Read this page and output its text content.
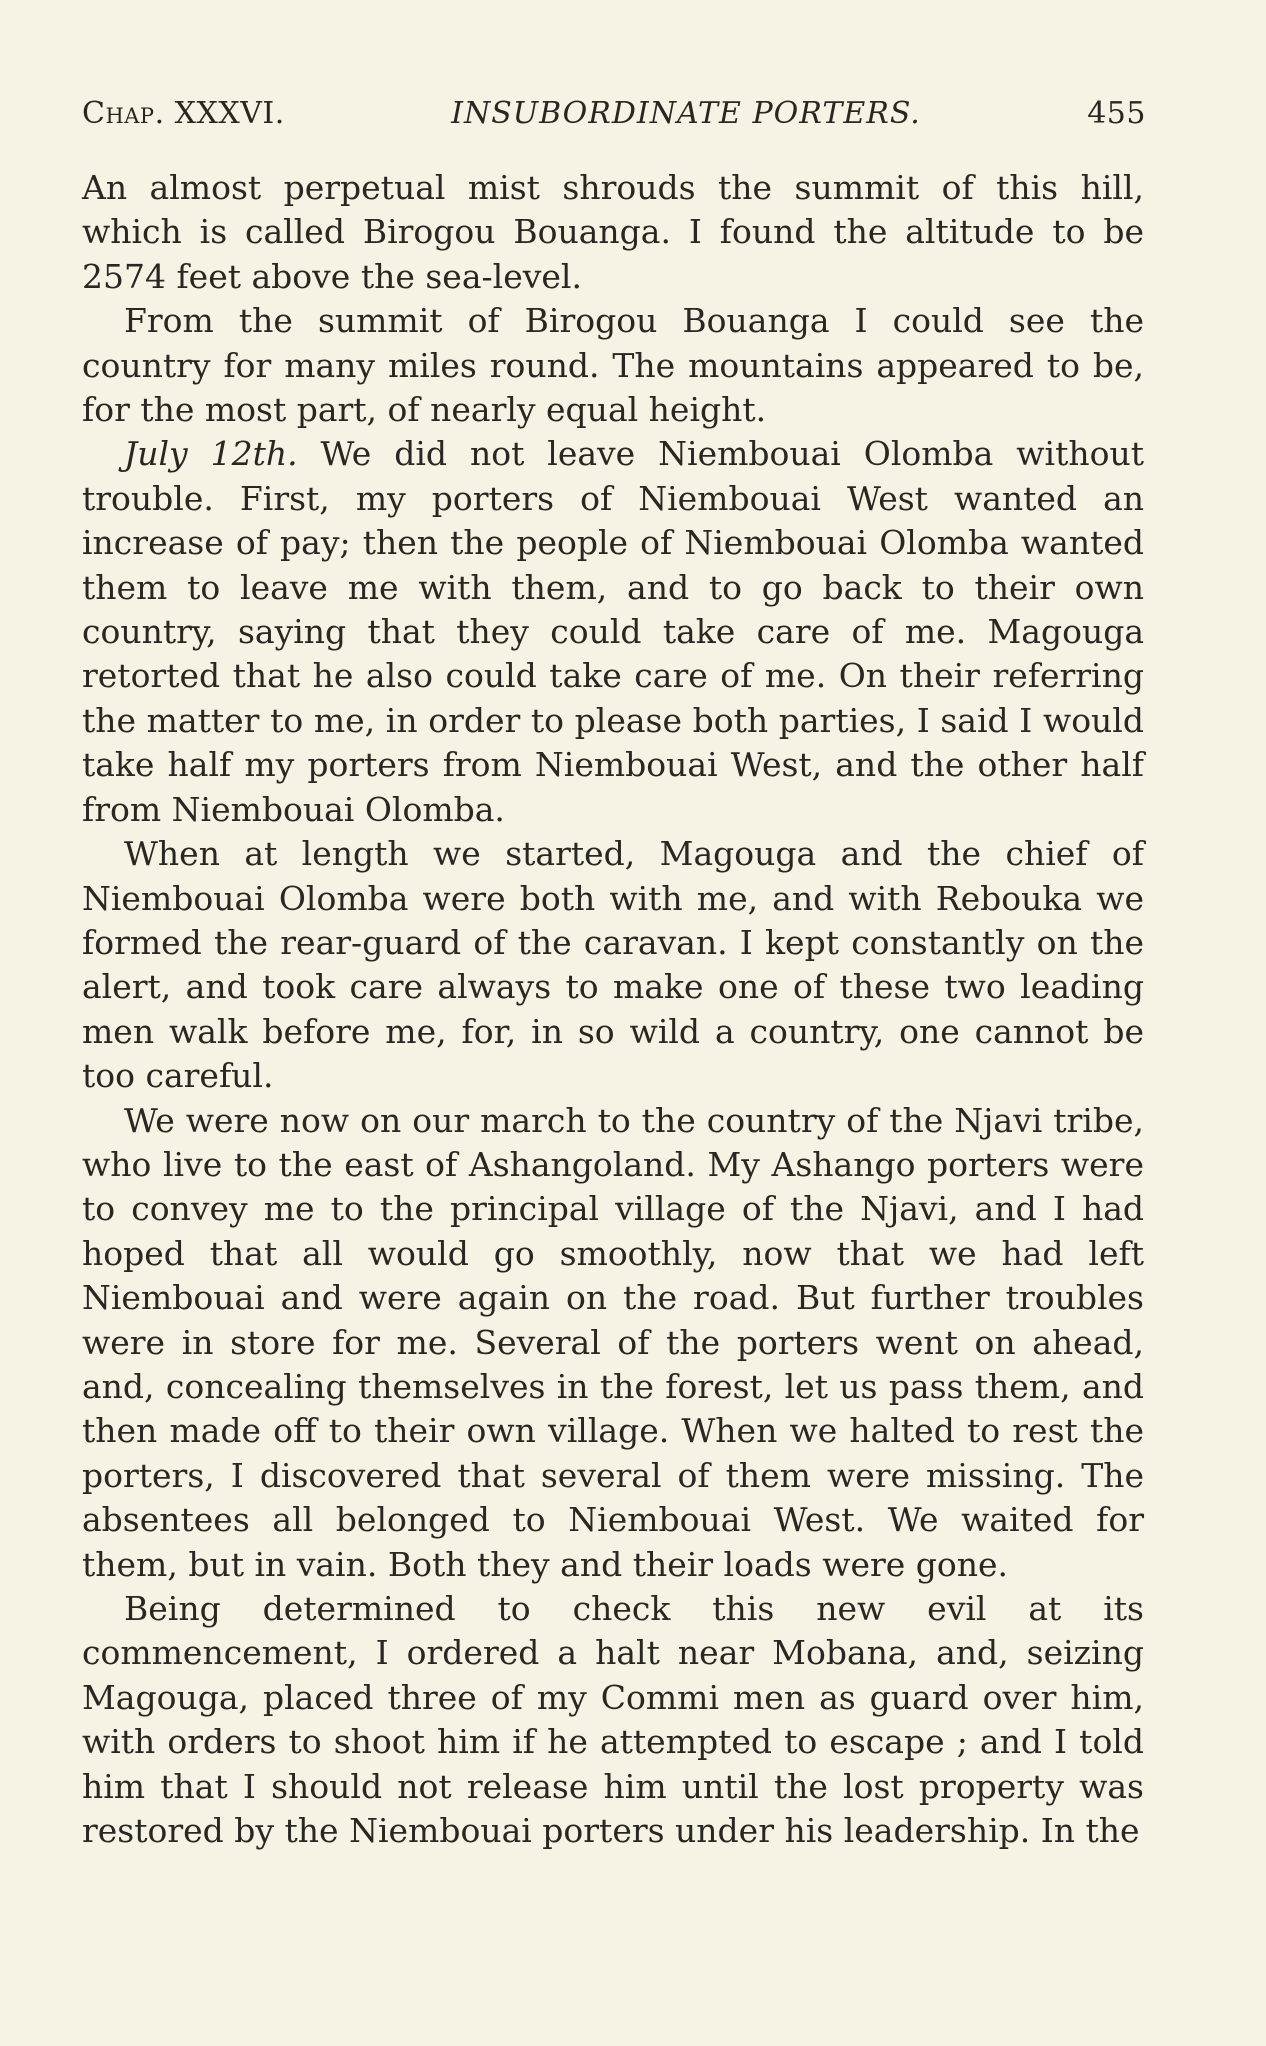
Chap. XXXVI.	INSUBORDINATE PORTERS.	455

An almost perpetual mist shrouds the summit of this hill, which is called Birogou Bouanga. I found the altitude to be 2574 feet above the sea-level.

From the summit of Birogou Bouanga I could see the country for many miles round. The mountains appeared to be, for the most part, of nearly equal height.

July 12th. We did not leave Niembouai Olomba without trouble. First, my porters of Niembouai West wanted an increase of pay; then the people of Niembouai Olomba wanted them to leave me with them, and to go back to their own country, saying that they could take care of me. Magouga retorted that he also could take care of me. On their referring the matter to me, in order to please both parties, I said I would take half my porters from Niembouai West, and the other half from Niembouai Olomba.

When at length we started, Magouga and the chief of Niembouai Olomba were both with me, and with Rebouka we formed the rear-guard of the caravan. I kept constantly on the alert, and took care always to make one of these two leading men walk before me, for, in so wild a country, one cannot be too careful.

We were now on our march to the country of the Njavi tribe, who live to the east of Ashangoland. My Ashango porters were to convey me to the principal village of the Njavi, and I had hoped that all would go smoothly, now that we had left Niembouai and were again on the road. But further troubles were in store for me. Several of the porters went on ahead, and, concealing themselves in the forest, let us pass them, and then made off to their own village. When we halted to rest the porters, I discovered that several of them were missing. The absentees all belonged to Niembouai West. We waited for them, but in vain. Both they and their loads were gone.

Being determined to check this new evil at its commencement, I ordered a halt near Mobana, and, seizing Magouga, placed three of my Commi men as guard over him, with orders to shoot him if he attempted to escape ; and I told him that I should not release him until the lost property was restored by the Niembouai porters under his leadership. In the
